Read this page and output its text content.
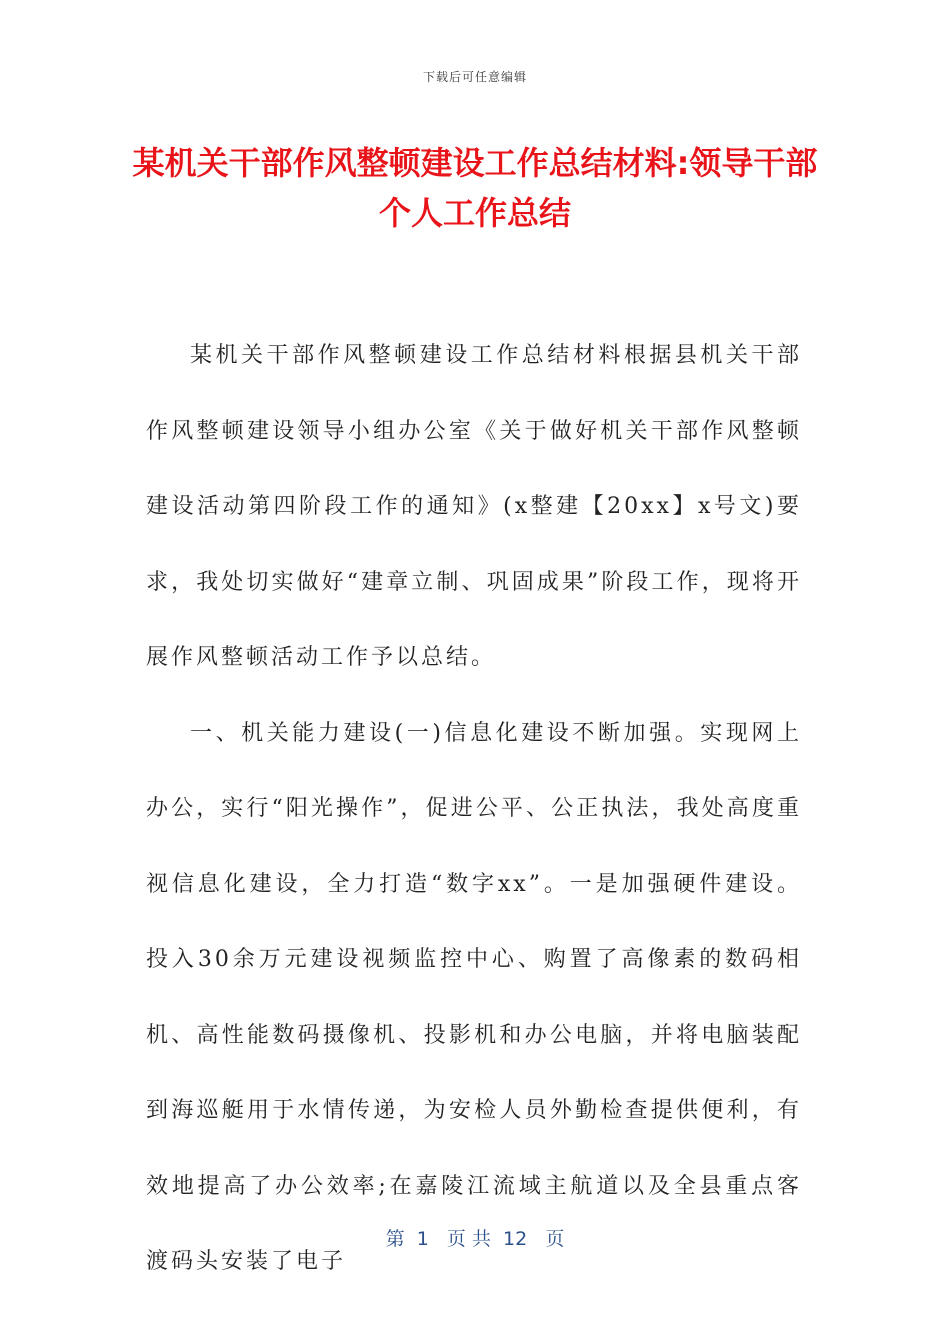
下载后可任意编辑
某机关干部作风整顿建设工作总结材料:领导干部个人工作总结

某机关干部作风整顿建设工作总结材料根据县机关干部作风整顿建设领导小组办公室《关于做好机关干部作风整顿建设活动第四阶段工作的通知》(x整建【20xx】x号文)要求，我处切实做好“建章立制、巩固成果”阶段工作，现将开展作风整顿活动工作予以总结。

一、机关能力建设(一)信息化建设不断加强。实现网上办公，实行“阳光操作”，促进公平、公正执法，我处高度重视信息化建设，全力打造“数字xx”。一是加强硬件建设。投入30余万元建设视频监控中心、购置了高像素的数码相机、高性能数码摄像机、投影机和办公电脑，并将电脑装配到海巡艇用于水情传递，为安检人员外勤检查提供便利，有效地提高了办公效率;在嘉陵江流域主航道以及全县重点客渡码头安装了电子

第  1   页 共  12   页
